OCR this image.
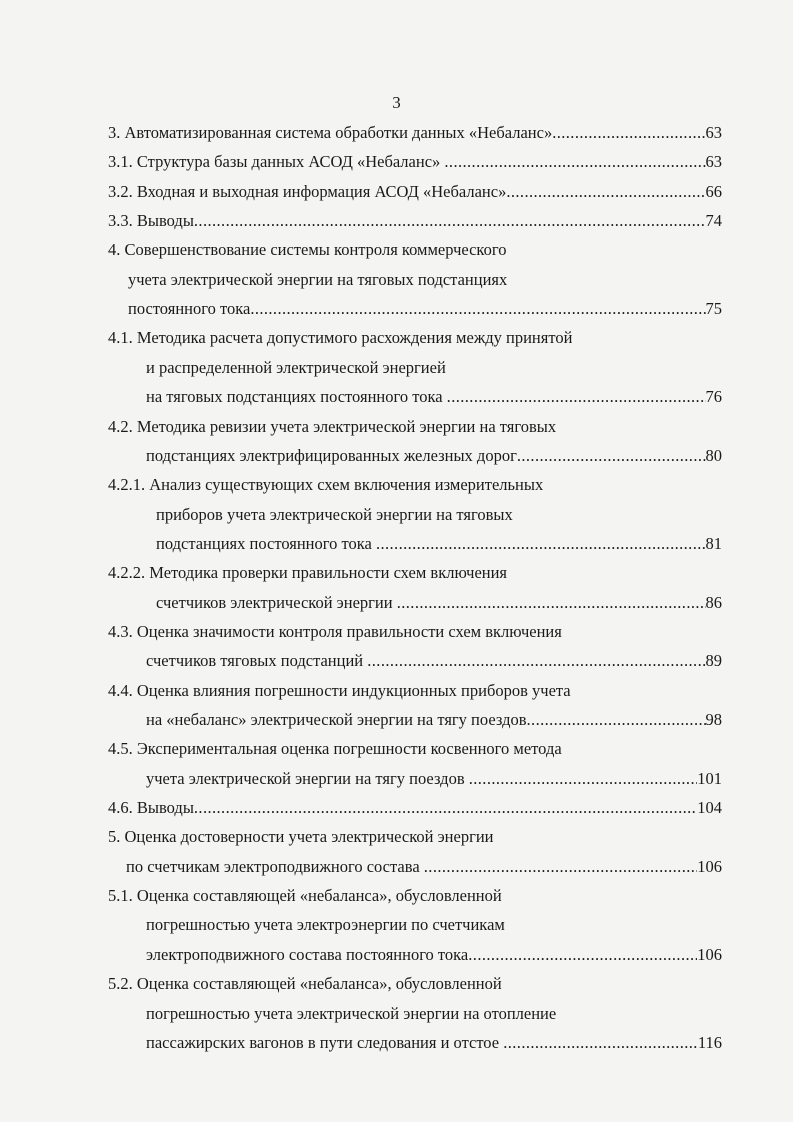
3
3. Автоматизированная система обработки данных «Небаланс» .....	63
3.1. Структура базы данных АСОД «Небаланс» .....	63
3.2. Входная и выходная информация АСОД «Небаланс» .....	66
3.3. Выводы .....	74
4. Совершенствование системы контроля коммерческого
учета электрической энергии на тяговых подстанциях
постоянного тока .....	75
4.1. Методика расчета допустимого расхождения между принятой
и распределенной электрической энергией
на тяговых подстанциях постоянного тока .....	76
4.2. Методика ревизии учета электрической энергии на тяговых
подстанциях электрифицированных железных дорог .....	80
4.2.1. Анализ существующих схем включения измерительных
приборов учета электрической энергии на тяговых
подстанциях постоянного тока .....	81
4.2.2. Методика проверки правильности схем включения
счетчиков электрической энергии .....	86
4.3. Оценка значимости контроля правильности схем включения
счетчиков тяговых подстанций .....	89
4.4. Оценка влияния погрешности индукционных приборов учета
на «небаланс» электрической энергии на тягу поездов .....	98
4.5. Экспериментальная оценка погрешности косвенного метода
учета электрической энергии на тягу поездов .....	101
4.6. Выводы .....	104
5. Оценка достоверности учета электрической энергии
по счетчикам электроподвижного состава .....	106
5.1. Оценка составляющей «небаланса», обусловленной
погрешностью учета электроэнергии по счетчикам
электроподвижного состава постоянного тока .....	106
5.2. Оценка составляющей «небаланса», обусловленной
погрешностью учета электрической энергии на отопление
пассажирских вагонов в пути следования и отстое .....	116
